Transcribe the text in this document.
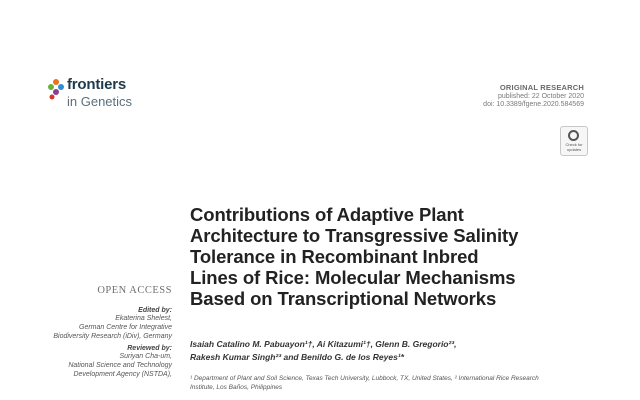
frontiers
in Genetics
ORIGINAL RESEARCH
published: 22 October 2020
doi: 10.3389/fgene.2020.584569
Check for
updates
Contributions of Adaptive Plant
Architecture to Transgressive Salinity
Tolerance in Recombinant Inbred
Lines of Rice: Molecular Mechanisms
Based on Transcriptional Networks
OPEN ACCESS
Edited by:
Ekaterina Shelest,
German Centre for Integrative
Biodiversity Research (iDiv), Germany
Reviewed by:
Suriyan Cha-um,
National Science and Technology
Development Agency (NSTDA),
Isaiah Catalino M. Pabuayon¹†, Ai Kitazumi¹†, Glenn B. Gregorio²³,
Rakesh Kumar Singh²³ and Benildo G. de los Reyes¹*
¹ Department of Plant and Soil Science, Texas Tech University, Lubbock, TX, United States, ² International Rice Research
Institute, Los Baños, Philippines
